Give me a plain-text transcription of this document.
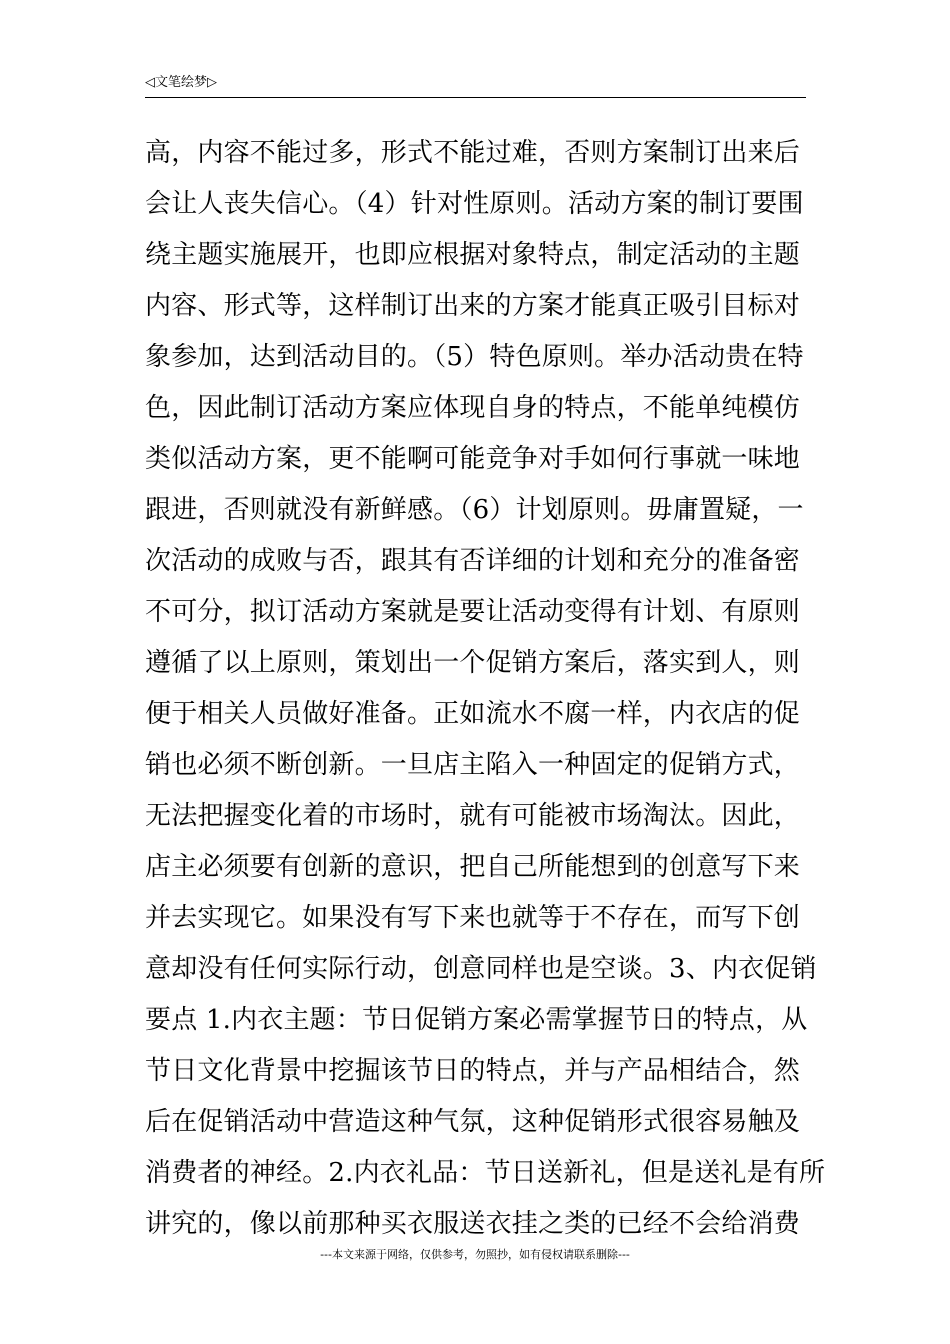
◁文笔绘梦▷
高，内容不能过多，形式不能过难，否则方案制订出来后
会让人丧失信心。（4）针对性原则。活动方案的制订要围
绕主题实施展开，也即应根据对象特点，制定活动的主题
内容、形式等，这样制订出来的方案才能真正吸引目标对
象参加，达到活动目的。（5）特色原则。举办活动贵在特
色，因此制订活动方案应体现自身的特点，不能单纯模仿
类似活动方案，更不能啊可能竞争对手如何行事就一味地
跟进，否则就没有新鲜感。（6）计划原则。毋庸置疑，一
次活动的成败与否，跟其有否详细的计划和充分的准备密
不可分，拟订活动方案就是要让活动变得有计划、有原则
遵循了以上原则，策划出一个促销方案后，落实到人，则
便于相关人员做好准备。正如流水不腐一样，内衣店的促
销也必须不断创新。一旦店主陷入一种固定的促销方式，
无法把握变化着的市场时，就有可能被市场淘汰。因此，
店主必须要有创新的意识，把自己所能想到的创意写下来
并去实现它。如果没有写下来也就等于不存在，而写下创
意却没有任何实际行动，创意同样也是空谈。3、内衣促销
要点 1.内衣主题：节日促销方案必需掌握节日的特点，从
节日文化背景中挖掘该节日的特点，并与产品相结合，然
后在促销活动中营造这种气氛，这种促销形式很容易触及
消费者的神经。2.内衣礼品：节日送新礼，但是送礼是有所
讲究的，像以前那种买衣服送衣挂之类的已经不会给消费
---本文来源于网络，仅供参考，勿照抄，如有侵权请联系删除---
